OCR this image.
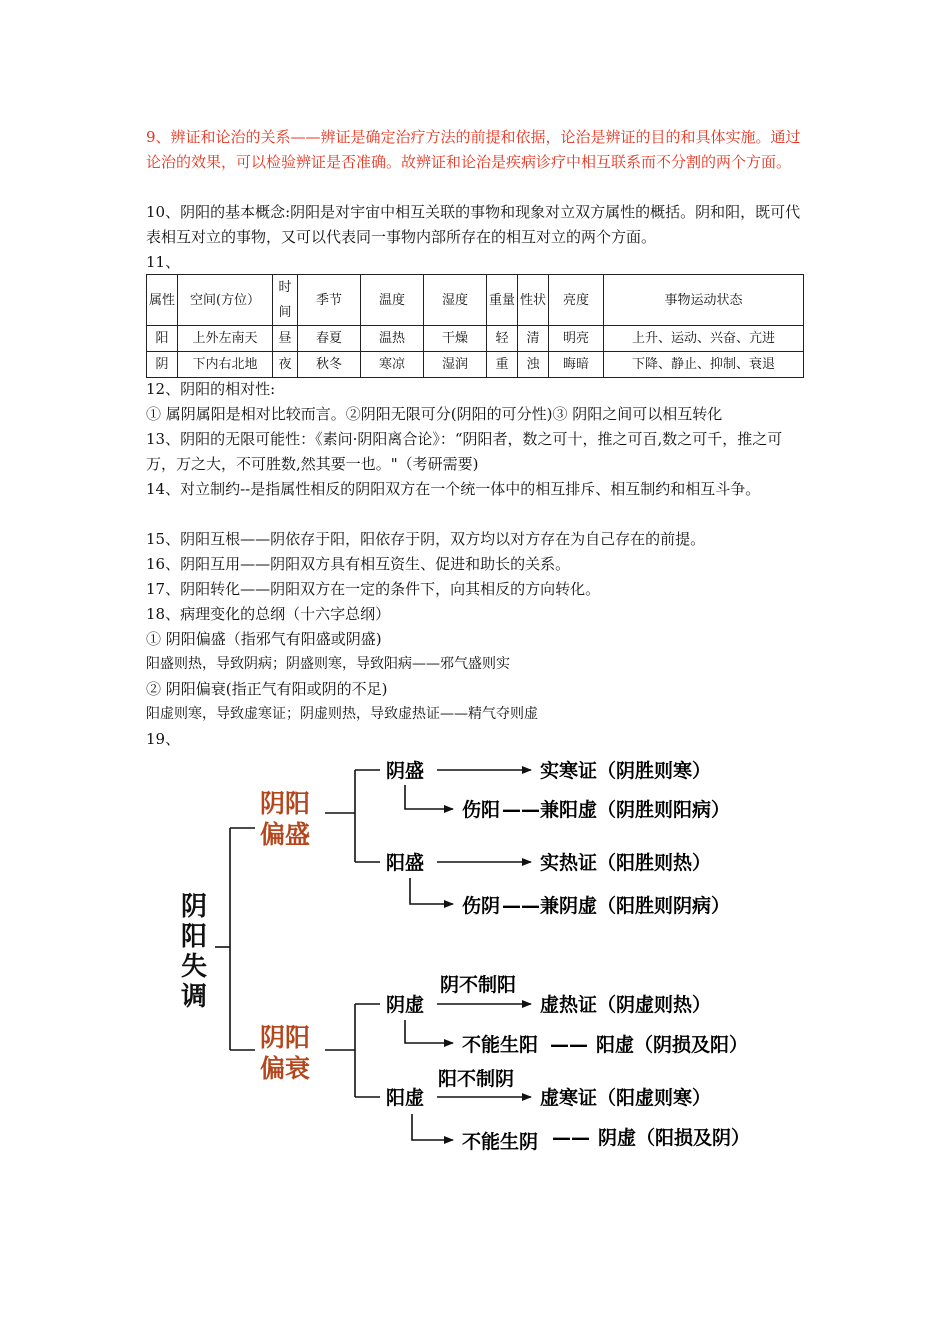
9、辨证和论治的关系——辨证是确定治疗方法的前提和依据，论治是辨证的目的和具体实施。通过论治的效果，可以检验辨证是否准确。故辨证和论治是疾病诊疗中相互联系而不分割的两个方面。

10、阴阳的基本概念:阴阳是对宇宙中相互关联的事物和现象对立双方属性的概括。阴和阳，既可代表相互对立的事物，又可以代表同一事物内部所存在的相互对立的两个方面。

11、

属性	空间(方位）	时间	季节	温度	湿度	重量	性状	亮度	事物运动状态
阳	上外左南天	昼	春夏	温热	干燥	轻	清	明亮	上升、运动、兴奋、亢进
阴	下内右北地	夜	秋冬	寒凉	湿润	重	浊	晦暗	下降、静止、抑制、衰退

12、阴阳的相对性:

① 属阴属阳是相对比较而言。②阴阳无限可分(阴阳的可分性)③ 阴阳之间可以相互转化

13、阴阳的无限可能性：《素问·阴阳离合论》：“阴阳者，数之可十，推之可百,数之可千，推之可万，万之大，不可胜数,然其要一也。"（考研需要)

14、对立制约--是指属性相反的阴阳双方在一个统一体中的相互排斥、相互制约和相互斗争。

15、阴阳互根——阴依存于阳，阳依存于阴，双方均以对方存在为自己存在的前提。

16、阴阳互用——阴阳双方具有相互资生、促进和助长的关系。

17、阴阳转化——阴阳双方在一定的条件下，向其相反的方向转化。

18、病理变化的总纲（十六字总纲）

① 阴阳偏盛（指邪气有阳盛或阴盛)

阳盛则热，导致阴病；阴盛则寒，导致阳病——邪气盛则实

② 阴阳偏衰(指正气有阳或阴的不足)

阳虚则寒，导致虚寒证；阴虚则热，导致虚热证——精气夺则虚

19、

阴
阳
失
调
阴阳
偏盛
阴阳
偏衰
阴盛	实寒证（阴胜则寒）
伤阳 —— 兼阳虚（阴胜则阳病）
阳盛	实热证（阳胜则热）
伤阴 —— 兼阴虚（阳胜则阴病）
阴不制阳
阴虚	虚热证（阴虚则热）
不能生阳 —— 阳虚（阴损及阳）
阳不制阴
阳虚	虚寒证（阳虚则寒）
不能生阴 —— 阴虚（阳损及阴）
